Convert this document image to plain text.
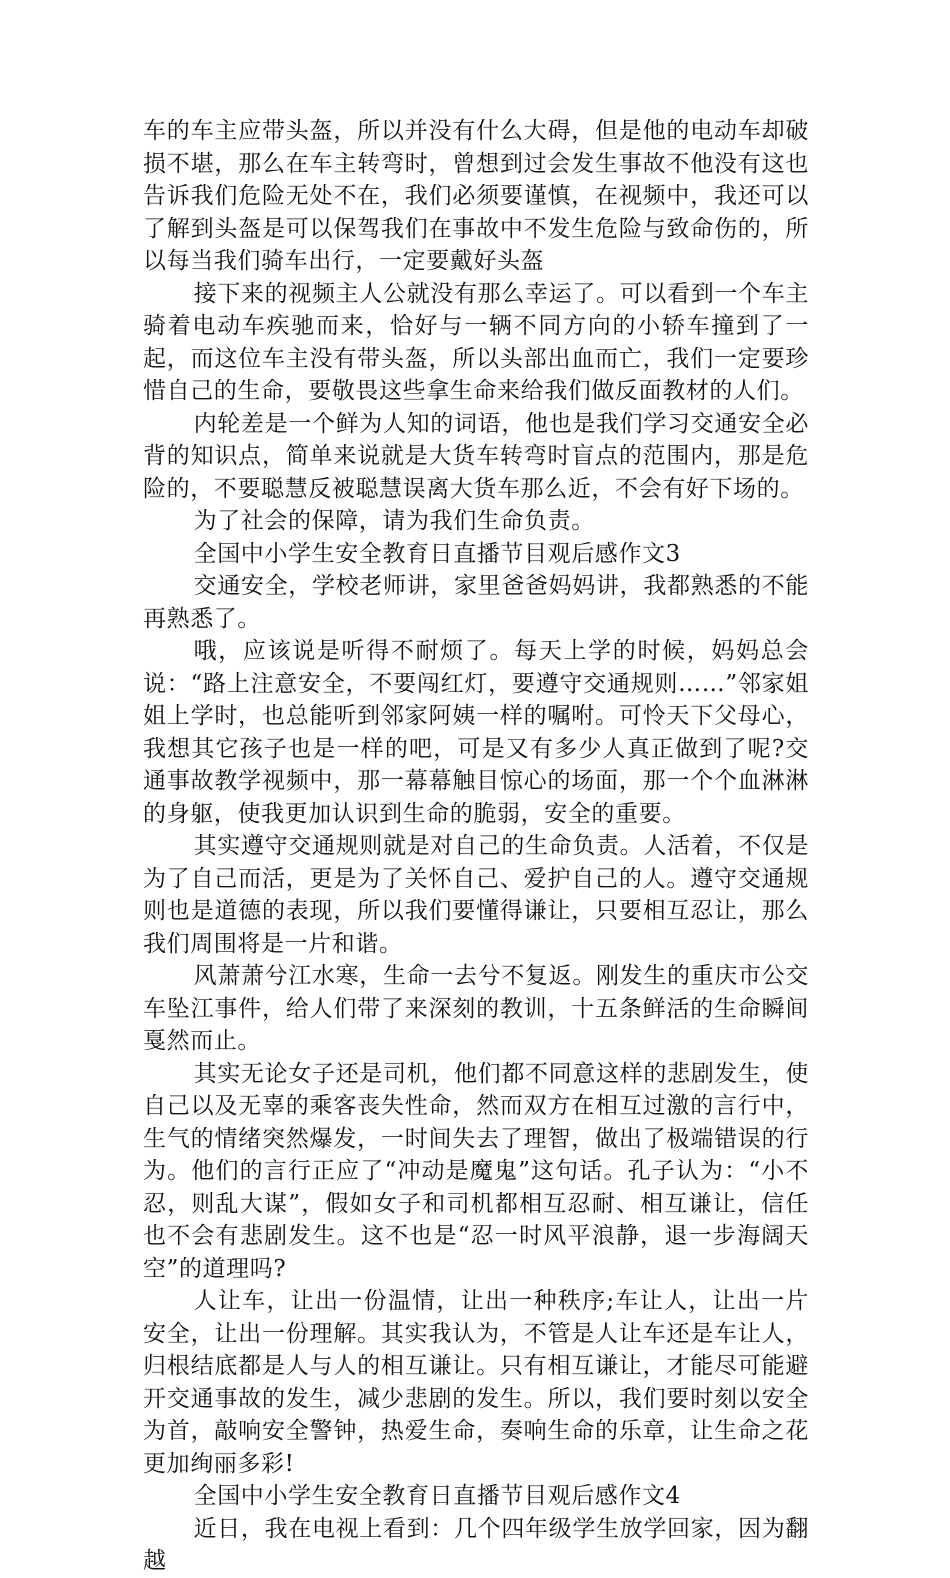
车的车主应带头盔，所以并没有什么大碍，但是他的电动车却破损不堪，那么在车主转弯时，曾想到过会发生事故不他没有这也告诉我们危险无处不在，我们必须要谨慎，在视频中，我还可以了解到头盔是可以保驾我们在事故中不发生危险与致命伤的，所以每当我们骑车出行，一定要戴好头盔

接下来的视频主人公就没有那么幸运了。可以看到一个车主骑着电动车疾驰而来，恰好与一辆不同方向的小轿车撞到了一起，而这位车主没有带头盔，所以头部出血而亡，我们一定要珍惜自己的生命，要敬畏这些拿生命来给我们做反面教材的人们。

内轮差是一个鲜为人知的词语，他也是我们学习交通安全必背的知识点，简单来说就是大货车转弯时盲点的范围内，那是危险的，不要聪慧反被聪慧误离大货车那么近，不会有好下场的。

为了社会的保障，请为我们生命负责。

全国中小学生安全教育日直播节目观后感作文3

交通安全，学校老师讲，家里爸爸妈妈讲，我都熟悉的不能再熟悉了。

哦，应该说是听得不耐烦了。每天上学的时候，妈妈总会说：“路上注意安全，不要闯红灯，要遵守交通规则……”邻家姐姐上学时，也总能听到邻家阿姨一样的嘱咐。可怜天下父母心，我想其它孩子也是一样的吧，可是又有多少人真正做到了呢?交通事故教学视频中，那一幕幕触目惊心的场面，那一个个血淋淋的身躯，使我更加认识到生命的脆弱，安全的重要。

其实遵守交通规则就是对自己的生命负责。人活着，不仅是为了自己而活，更是为了关怀自己、爱护自己的人。遵守交通规则也是道德的表现，所以我们要懂得谦让，只要相互忍让，那么我们周围将是一片和谐。

风萧萧兮江水寒，生命一去兮不复返。刚发生的重庆市公交车坠江事件，给人们带了来深刻的教训，十五条鲜活的生命瞬间戛然而止。

其实无论女子还是司机，他们都不同意这样的悲剧发生，使自己以及无辜的乘客丧失性命，然而双方在相互过激的言行中，生气的情绪突然爆发，一时间失去了理智，做出了极端错误的行为。他们的言行正应了“冲动是魔鬼”这句话。孔子认为：“小不忍，则乱大谋”，假如女子和司机都相互忍耐、相互谦让，信任也不会有悲剧发生。这不也是“忍一时风平浪静，退一步海阔天空”的道理吗?

人让车，让出一份温情，让出一种秩序;车让人，让出一片安全，让出一份理解。其实我认为，不管是人让车还是车让人，归根结底都是人与人的相互谦让。只有相互谦让，才能尽可能避开交通事故的发生，减少悲剧的发生。所以，我们要时刻以安全为首，敲响安全警钟，热爱生命，奏响生命的乐章，让生命之花更加绚丽多彩!

全国中小学生安全教育日直播节目观后感作文4

近日，我在电视上看到：几个四年级学生放学回家，因为翻越
